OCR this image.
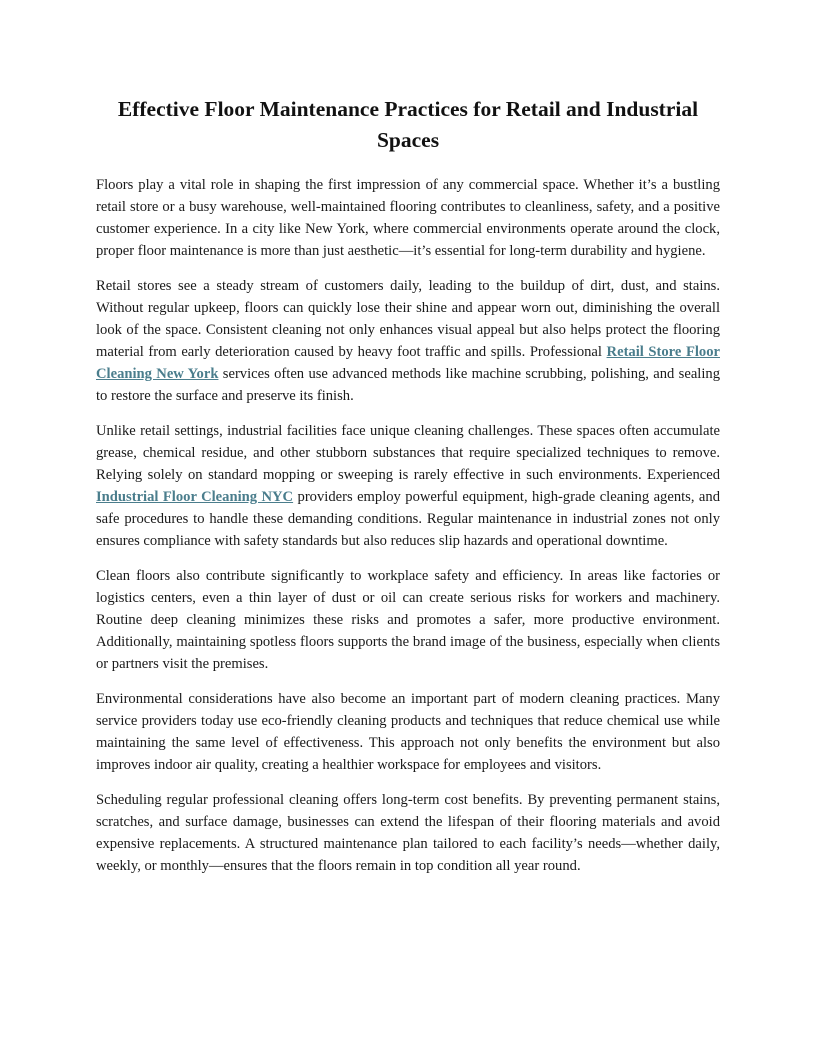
Effective Floor Maintenance Practices for Retail and Industrial Spaces

Floors play a vital role in shaping the first impression of any commercial space. Whether it’s a bustling retail store or a busy warehouse, well-maintained flooring contributes to cleanliness, safety, and a positive customer experience. In a city like New York, where commercial environments operate around the clock, proper floor maintenance is more than just aesthetic—it’s essential for long-term durability and hygiene.

Retail stores see a steady stream of customers daily, leading to the buildup of dirt, dust, and stains. Without regular upkeep, floors can quickly lose their shine and appear worn out, diminishing the overall look of the space. Consistent cleaning not only enhances visual appeal but also helps protect the flooring material from early deterioration caused by heavy foot traffic and spills. Professional Retail Store Floor Cleaning New York services often use advanced methods like machine scrubbing, polishing, and sealing to restore the surface and preserve its finish.

Unlike retail settings, industrial facilities face unique cleaning challenges. These spaces often accumulate grease, chemical residue, and other stubborn substances that require specialized techniques to remove. Relying solely on standard mopping or sweeping is rarely effective in such environments. Experienced Industrial Floor Cleaning NYC providers employ powerful equipment, high-grade cleaning agents, and safe procedures to handle these demanding conditions. Regular maintenance in industrial zones not only ensures compliance with safety standards but also reduces slip hazards and operational downtime.

Clean floors also contribute significantly to workplace safety and efficiency. In areas like factories or logistics centers, even a thin layer of dust or oil can create serious risks for workers and machinery. Routine deep cleaning minimizes these risks and promotes a safer, more productive environment. Additionally, maintaining spotless floors supports the brand image of the business, especially when clients or partners visit the premises.

Environmental considerations have also become an important part of modern cleaning practices. Many service providers today use eco-friendly cleaning products and techniques that reduce chemical use while maintaining the same level of effectiveness. This approach not only benefits the environment but also improves indoor air quality, creating a healthier workspace for employees and visitors.

Scheduling regular professional cleaning offers long-term cost benefits. By preventing permanent stains, scratches, and surface damage, businesses can extend the lifespan of their flooring materials and avoid expensive replacements. A structured maintenance plan tailored to each facility’s needs—whether daily, weekly, or monthly—ensures that the floors remain in top condition all year round.
